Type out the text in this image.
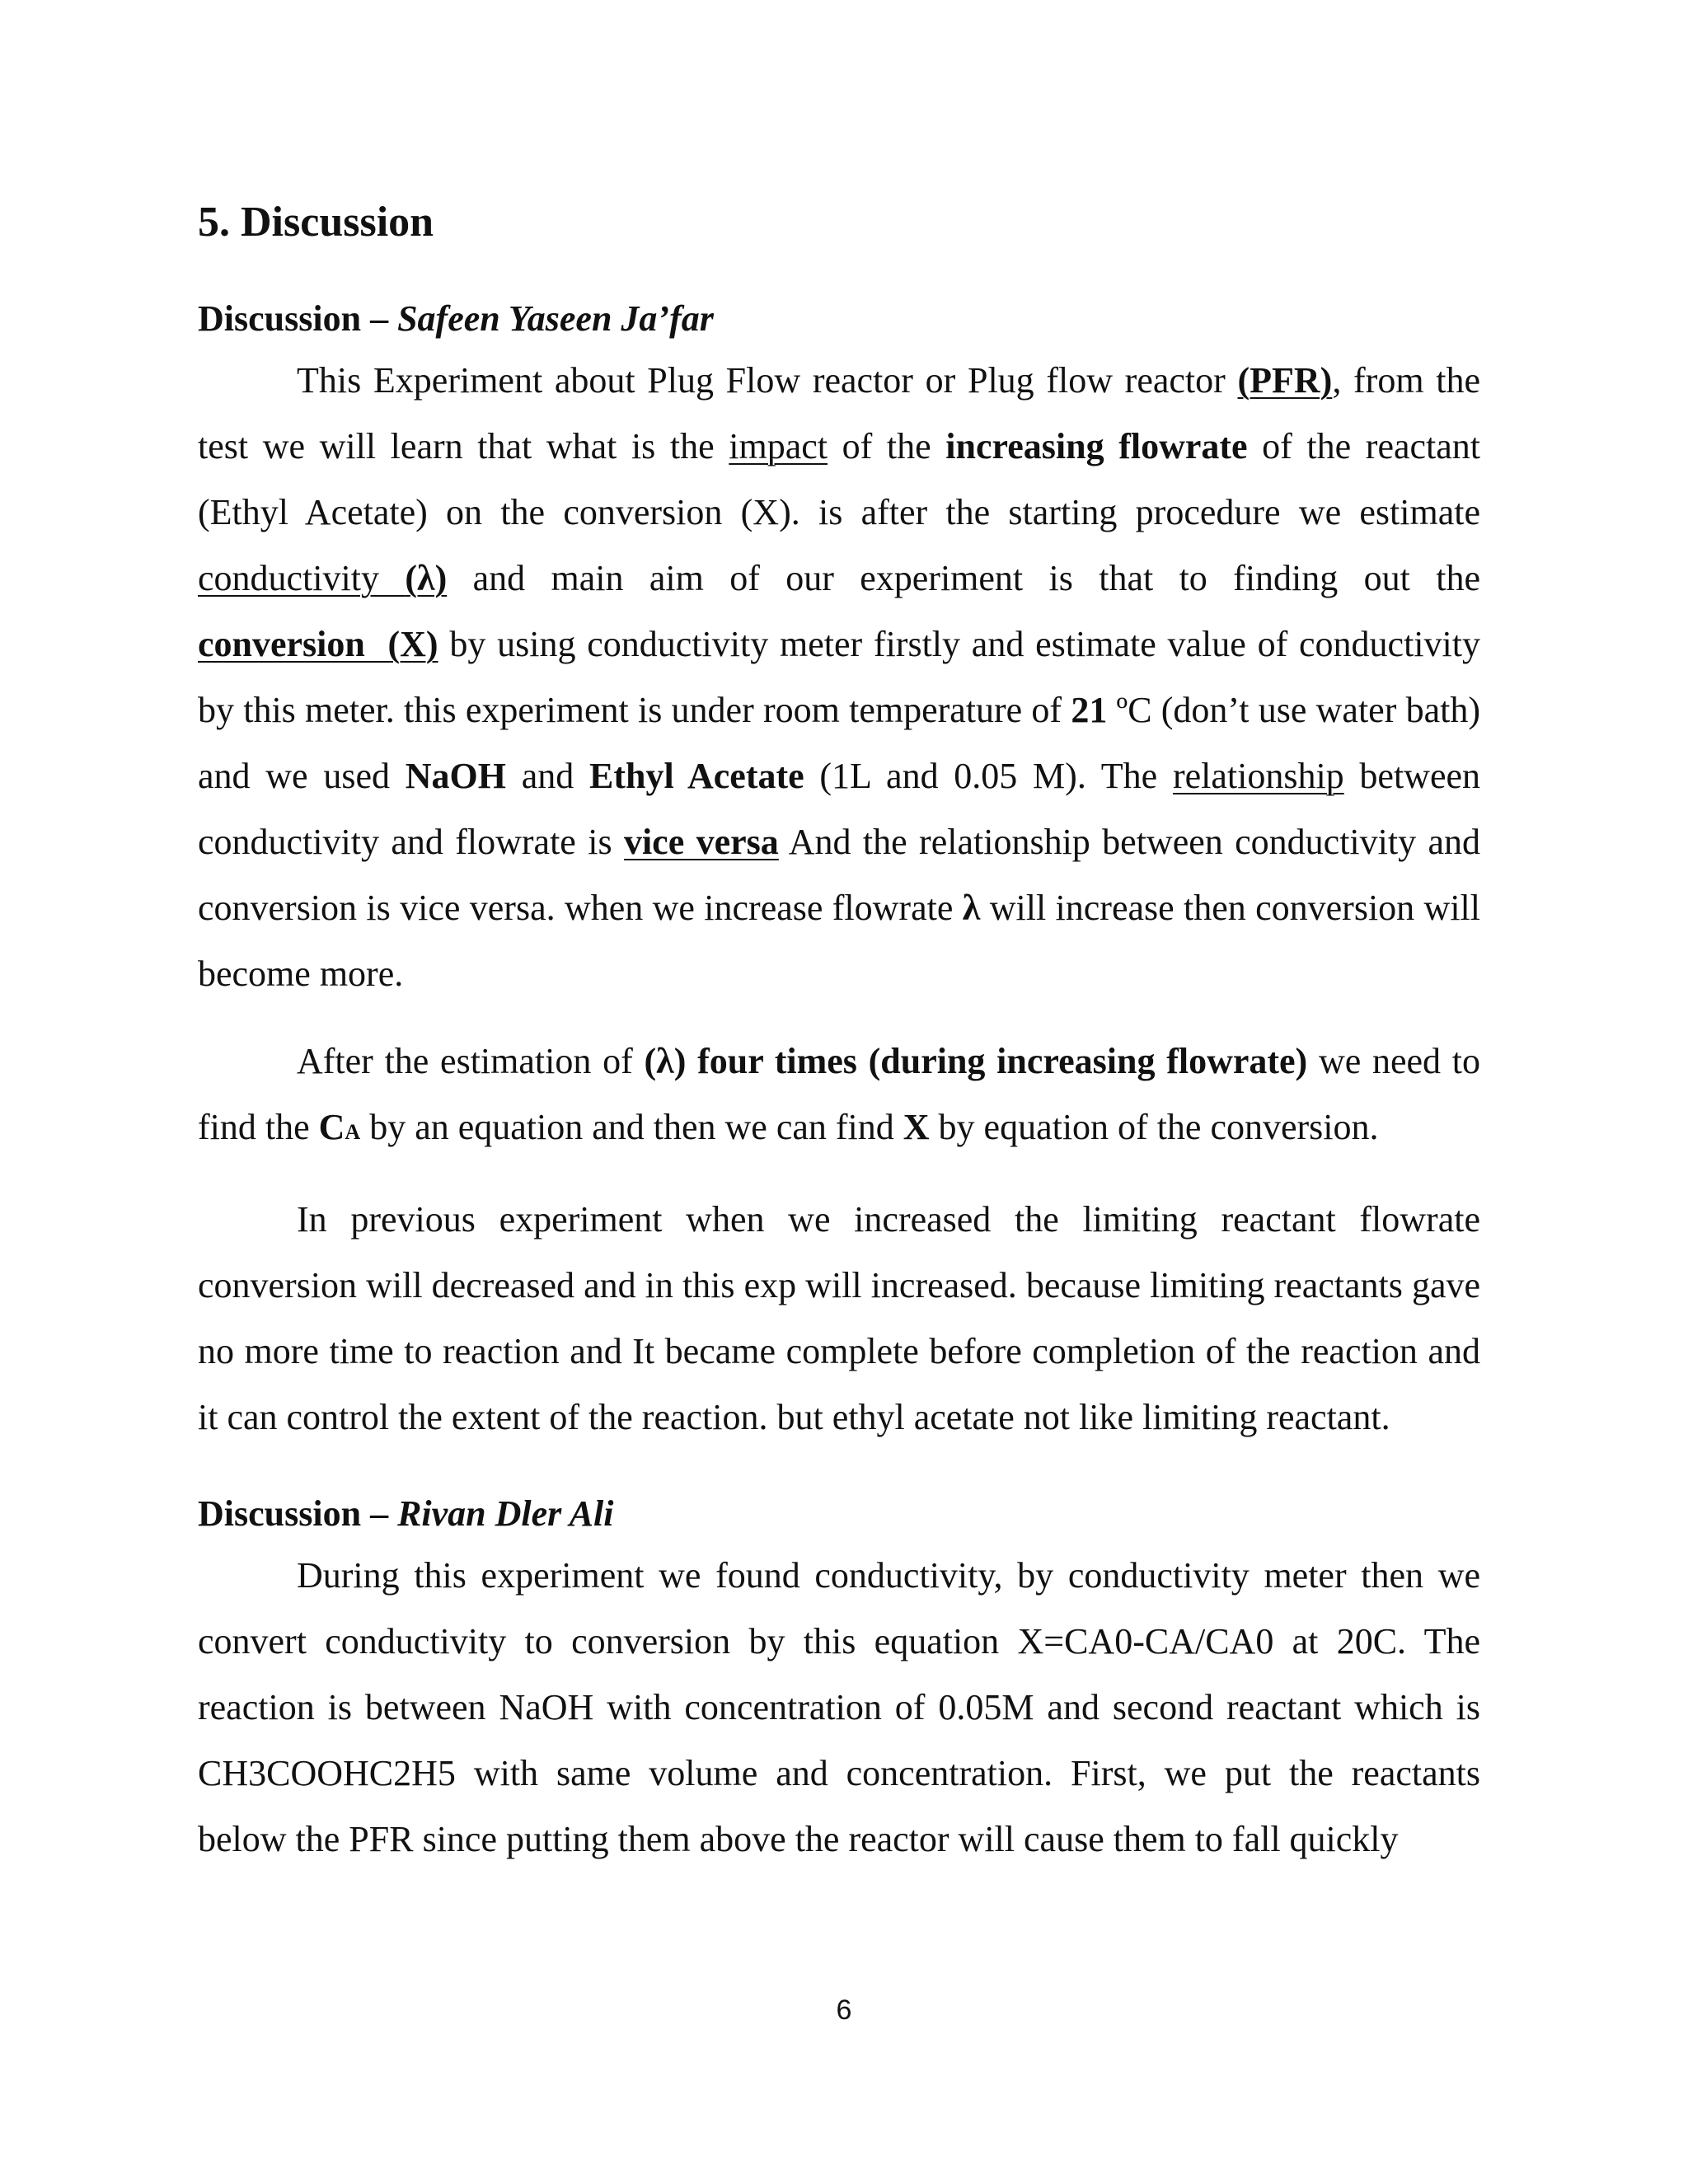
5. Discussion
Discussion – Safeen Yaseen Ja’far

This Experiment about Plug Flow reactor or Plug flow reactor (PFR), from the test we will learn that what is the impact of the increasing flowrate of the reactant (Ethyl Acetate) on the conversion (X). is after the starting procedure we estimate conductivity (λ) and main aim of our experiment is that to finding out the conversion  (X) by using conductivity meter firstly and estimate value of conductivity by this meter. this experiment is under room temperature of 21 ºC (don’t use water bath) and we used NaOH and Ethyl Acetate (1L and 0.05 M). The relationship between conductivity and flowrate is vice versa And the relationship between conductivity and conversion is vice versa. when we increase flowrate λ will increase then conversion will become more.

After the estimation of (λ) four times (during increasing flowrate) we need to find the CA by an equation and then we can find X by equation of the conversion.

In previous experiment when we increased the limiting reactant flowrate conversion will decreased and in this exp will increased. because limiting reactants gave no more time to reaction and It became complete before completion of the reaction and it can control the extent of the reaction. but ethyl acetate not like limiting reactant.

Discussion – Rivan Dler Ali

During this experiment we found conductivity, by conductivity meter then we convert conductivity to conversion by this equation X=CA0-CA/CA0 at 20C. The reaction is between NaOH with concentration of 0.05M and second reactant which is CH3COOHC2H5 with same volume and concentration. First, we put the reactants below the PFR since putting them above the reactor will cause them to fall quickly

6
